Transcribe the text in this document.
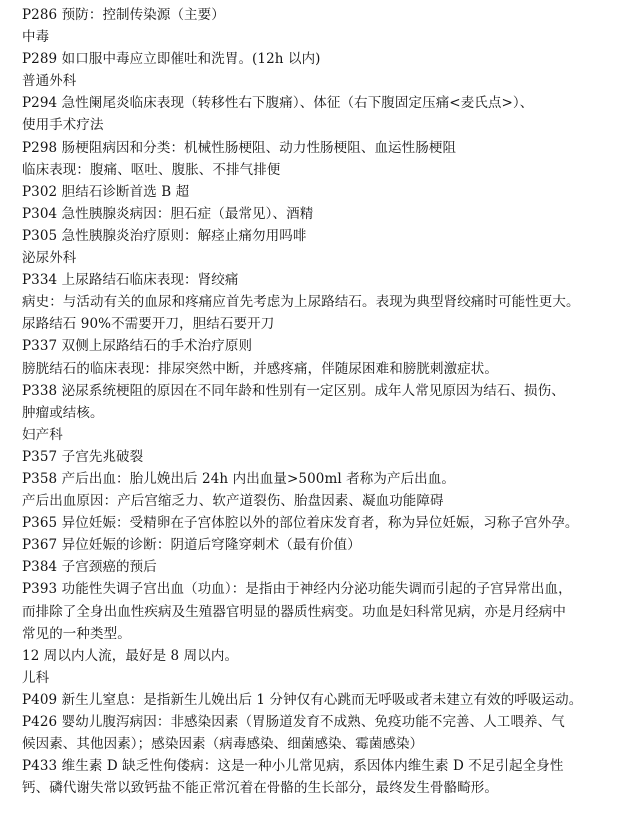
P286 预防：控制传染源（主要）
中毒
P289 如口服中毒应立即催吐和洗胃。(12h 以内)
普通外科
P294 急性阑尾炎临床表现（转移性右下腹痛）、体征（右下腹固定压痛<麦氏点>）、
使用手术疗法
P298 肠梗阻病因和分类：机械性肠梗阻、动力性肠梗阻、血运性肠梗阻
临床表现：腹痛、呕吐、腹胀、不排气排便
P302 胆结石诊断首选 B 超
P304 急性胰腺炎病因：胆石症（最常见）、酒精
P305 急性胰腺炎治疗原则：解痉止痛勿用吗啡
泌尿外科
P334 上尿路结石临床表现：肾绞痛
病史：与活动有关的血尿和疼痛应首先考虑为上尿路结石。表现为典型肾绞痛时可能性更大。
尿路结石 90%不需要开刀，胆结石要开刀
P337 双侧上尿路结石的手术治疗原则
膀胱结石的临床表现：排尿突然中断，并感疼痛，伴随尿困难和膀胱刺激症状。
P338 泌尿系统梗阻的原因在不同年龄和性别有一定区别。成年人常见原因为结石、损伤、
肿瘤或结核。
妇产科
P357 子宫先兆破裂
P358 产后出血：胎儿娩出后 24h 内出血量>500ml 者称为产后出血。
产后出血原因：产后宫缩乏力、软产道裂伤、胎盘因素、凝血功能障碍
P365 异位妊娠：受精卵在子宫体腔以外的部位着床发育者，称为异位妊娠，习称子宫外孕。
P367 异位妊娠的诊断：阴道后穹隆穿刺术（最有价值）
P384 子宫颈癌的预后
P393 功能性失调子宫出血（功血）：是指由于神经内分泌功能失调而引起的子宫异常出血，
而排除了全身出血性疾病及生殖器官明显的器质性病变。功血是妇科常见病，亦是月经病中
常见的一种类型。
12 周以内人流，最好是 8 周以内。
儿科
P409 新生儿窒息：是指新生儿娩出后 1 分钟仅有心跳而无呼吸或者未建立有效的呼吸运动。
P426 婴幼儿腹泻病因：非感染因素（胃肠道发育不成熟、免疫功能不完善、人工喂养、气
候因素、其他因素）；感染因素（病毒感染、细菌感染、霉菌感染）
P433 维生素 D 缺乏性佝偻病：这是一种小儿常见病，系因体内维生素 D 不足引起全身性
钙、磷代谢失常以致钙盐不能正常沉着在骨骼的生长部分，最终发生骨骼畸形。
